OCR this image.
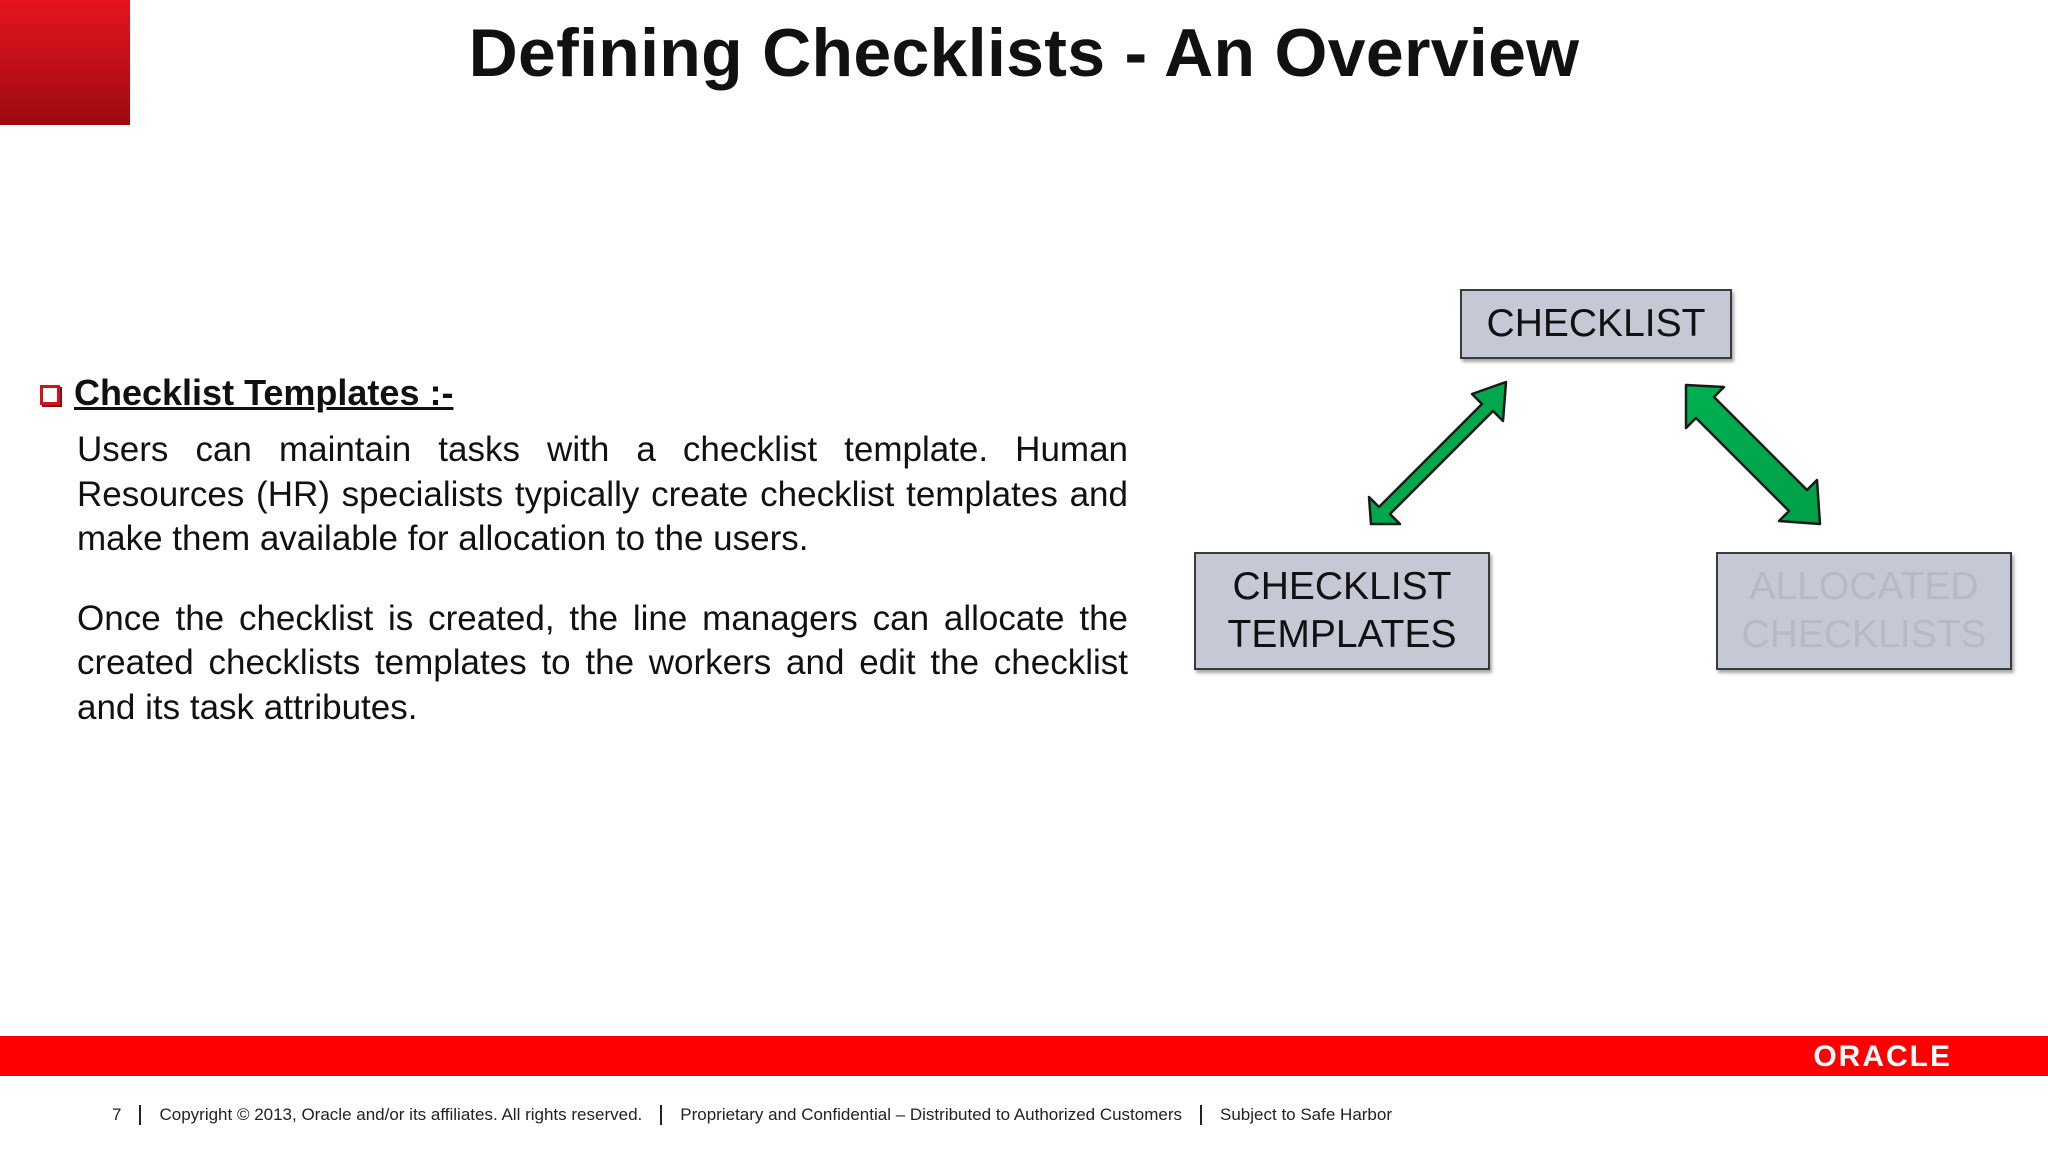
Defining Checklists - An Overview
Checklist Templates :-

Users can maintain tasks with a checklist template. Human Resources (HR) specialists typically create checklist templates and make them available for allocation to the users.

Once the checklist is created, the line managers can allocate the created checklists templates to the workers and edit the checklist and its task attributes.

CHECKLIST
CHECKLIST
TEMPLATES
ALLOCATED
CHECKLISTS
ORACLE
7 Copyright © 2013, Oracle and/or its affiliates. All rights reserved. Proprietary and Confidential – Distributed to Authorized Customers Subject to Safe Harbor
